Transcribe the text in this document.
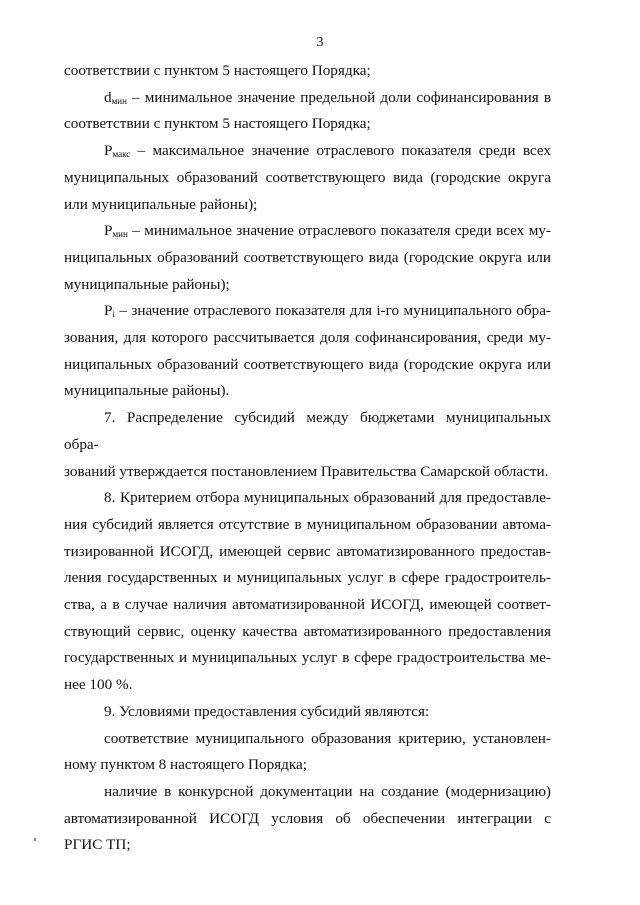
3

соответствии с пунктом 5 настоящего Порядка;

$d_{мин}$ – минимальное значение предельной доли софинансирования в
соответствии с пунктом 5 настоящего Порядка;

$P_{макс}$ – максимальное значение отраслевого показателя среди всех
муниципальных образований соответствующего вида (городские округа
или муниципальные районы);

$P_{мин}$ – минимальное значение отраслевого показателя среди всех му-
ниципальных образований соответствующего вида (городские округа или
муниципальные районы);

$P_i$ – значение отраслевого показателя для i-го муниципального обра-
зования, для которого рассчитывается доля софинансирования, среди му-
ниципальных образований соответствующего вида (городские округа или
муниципальные районы).

7. Распределение субсидий между бюджетами муниципальных обра-
зований утверждается постановлением Правительства Самарской области.

8. Критерием отбора муниципальных образований для предоставле-
ния субсидий является отсутствие в муниципальном образовании автома-
тизированной ИСОГД, имеющей сервис автоматизированного предостав-
ления государственных и муниципальных услуг в сфере градостроитель-
ства, а в случае наличия автоматизированной ИСОГД, имеющей соответ-
ствующий сервис, оценку качества автоматизированного предоставления
государственных и муниципальных услуг в сфере градостроительства ме-
нее 100 %.

9. Условиями предоставления субсидий являются:

соответствие муниципального образования критерию, установлен-
ному пунктом 8 настоящего Порядка;

наличие в конкурсной документации на создание (модернизацию)
автоматизированной ИСОГД условия об обеспечении интеграции с
РГИС ТП;
